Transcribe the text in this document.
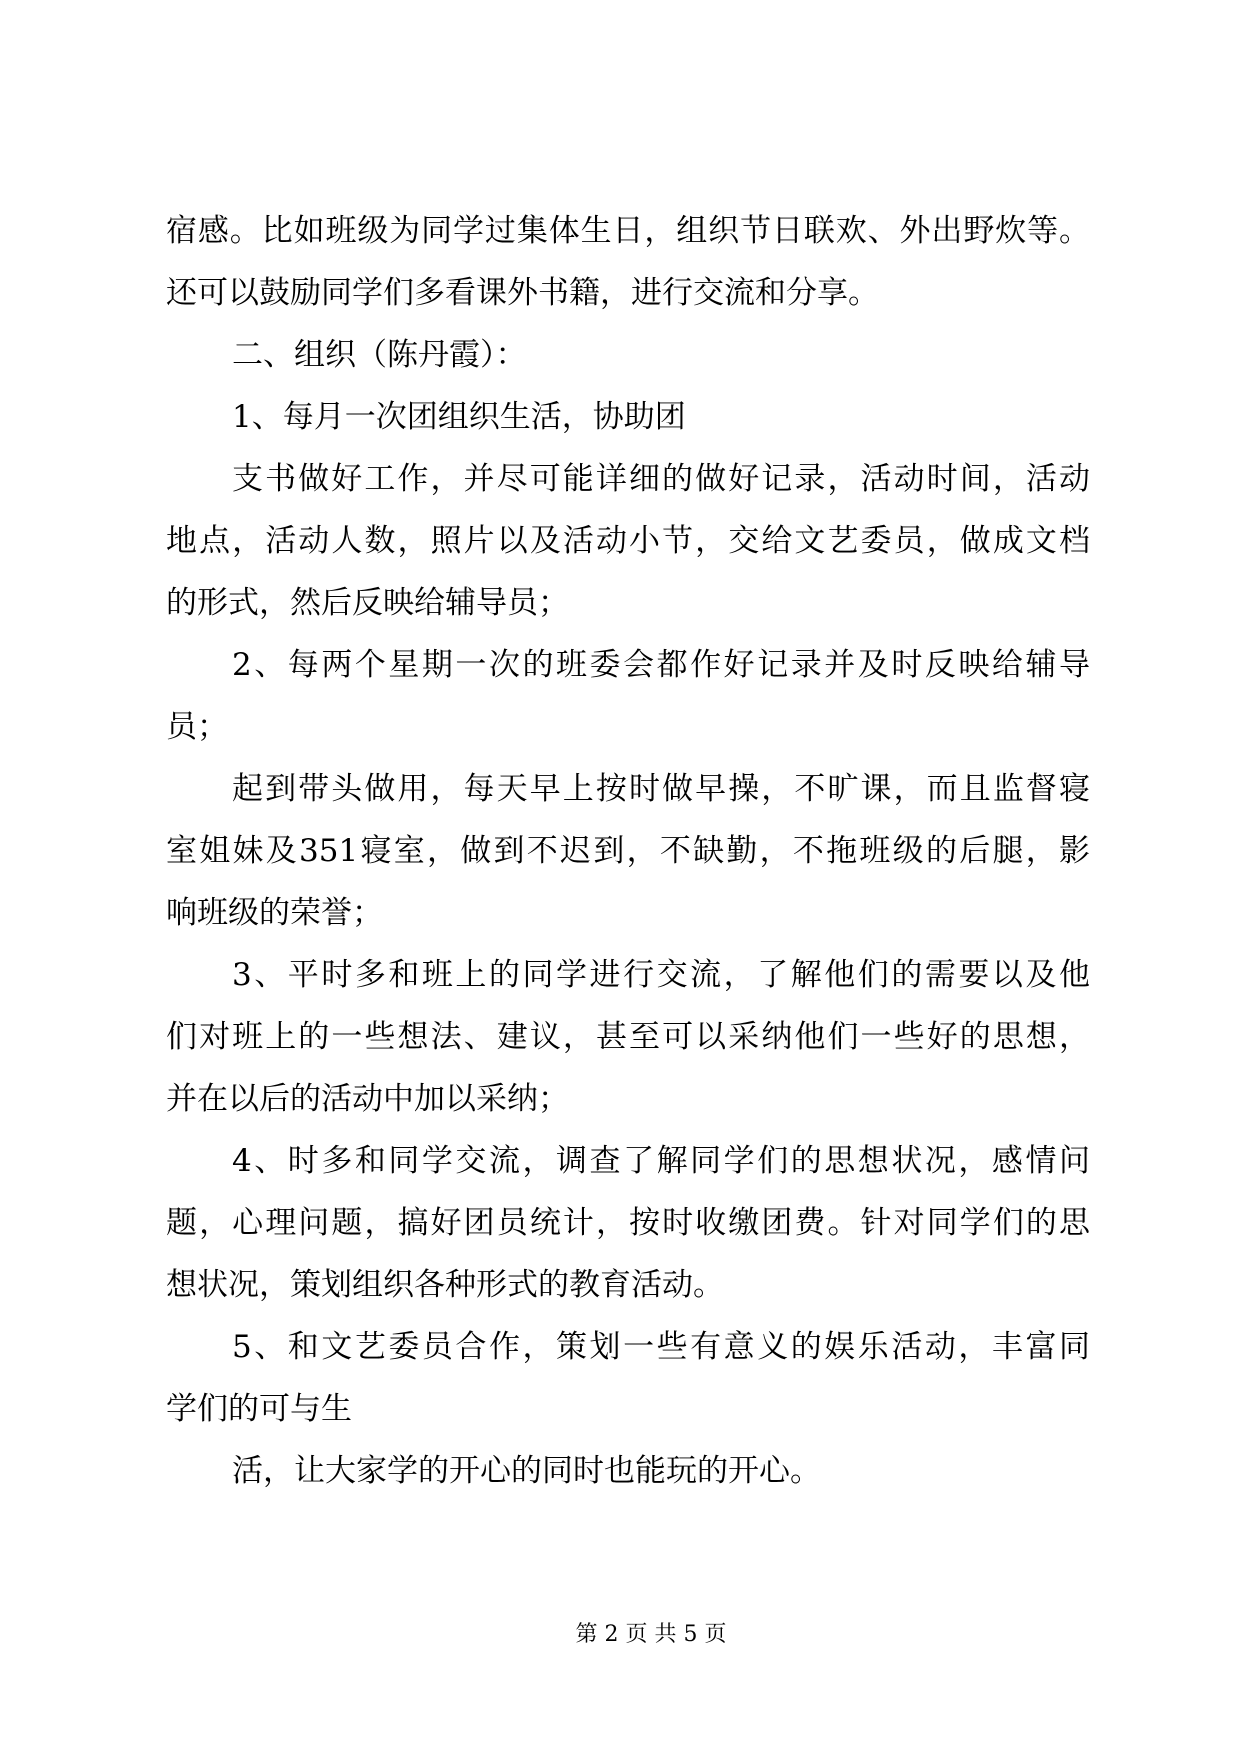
宿感。比如班级为同学过集体生日，组织节日联欢、外出野炊等。
还可以鼓励同学们多看课外书籍，进行交流和分享。
二、组织（陈丹霞）：
1、每月一次团组织生活，协助团
支书做好工作，并尽可能详细的做好记录，活动时间，活动
地点，活动人数，照片以及活动小节，交给文艺委员，做成文档
的形式，然后反映给辅导员；
2、每两个星期一次的班委会都作好记录并及时反映给辅导
员；
起到带头做用，每天早上按时做早操，不旷课，而且监督寝
室姐妹及351寝室，做到不迟到，不缺勤，不拖班级的后腿，影
响班级的荣誉；
3、平时多和班上的同学进行交流，了解他们的需要以及他
们对班上的一些想法、建议，甚至可以采纳他们一些好的思想，
并在以后的活动中加以采纳；
4、时多和同学交流，调查了解同学们的思想状况，感情问
题，心理问题，搞好团员统计，按时收缴团费。针对同学们的思
想状况，策划组织各种形式的教育活动。
5、和文艺委员合作，策划一些有意义的娱乐活动，丰富同
学们的可与生
活，让大家学的开心的同时也能玩的开心。
第 2 页 共 5 页
